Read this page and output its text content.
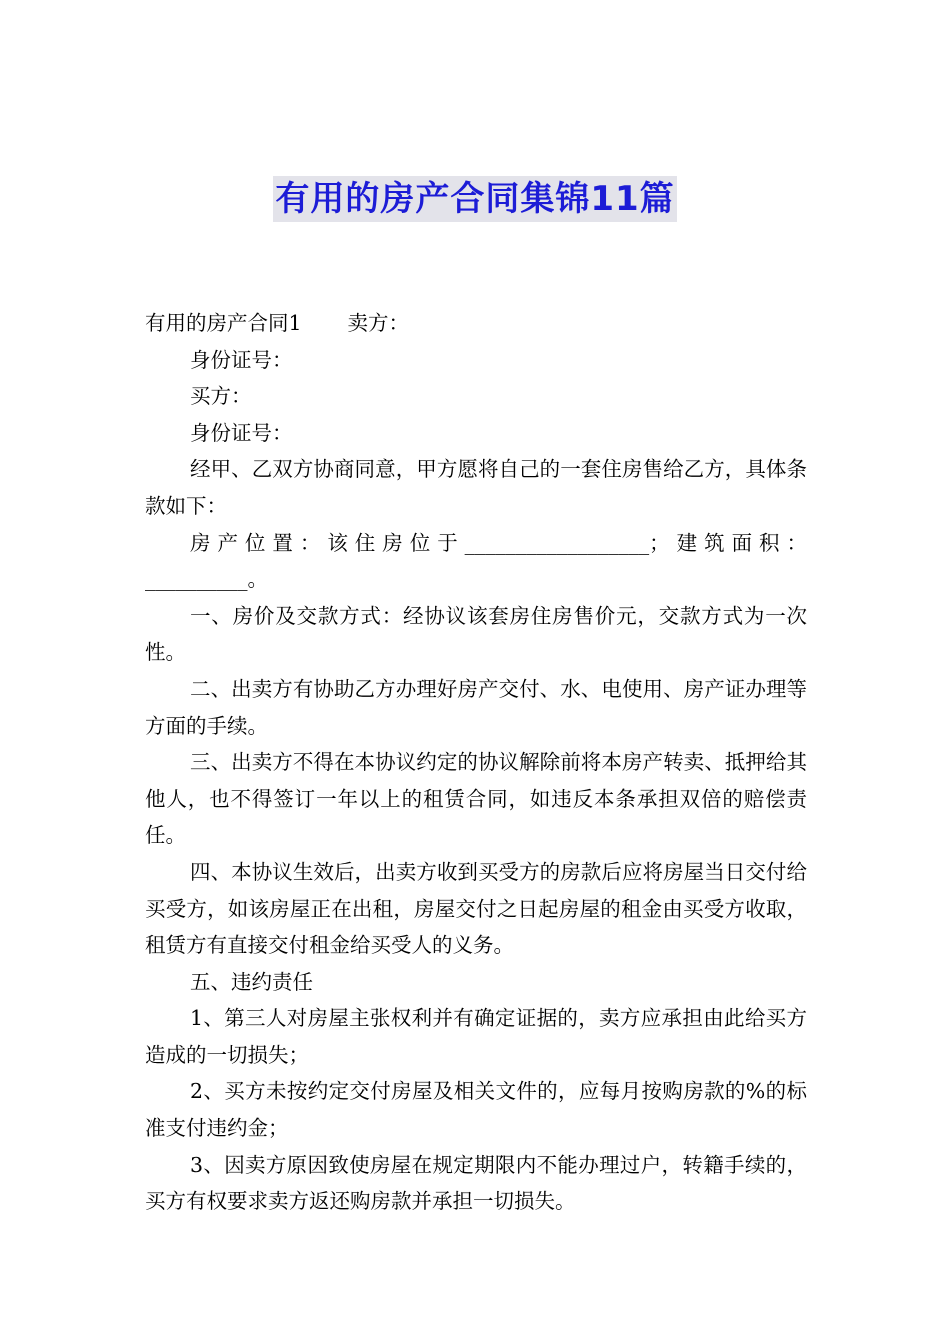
有用的房产合同集锦11篇

有用的房产合同1 卖方：

身份证号：

买方：

身份证号：

经甲、乙双方协商同意，甲方愿将自己的一套住房售给乙方，具体条款如下：

房产位置：该住房位于__________________；建筑面积：__________。

一、房价及交款方式：经协议该套房住房售价元，交款方式为一次性。

二、出卖方有协助乙方办理好房产交付、水、电使用、房产证办理等方面的手续。

三、出卖方不得在本协议约定的协议解除前将本房产转卖、抵押给其他人，也不得签订一年以上的租赁合同，如违反本条承担双倍的赔偿责任。

四、本协议生效后，出卖方收到买受方的房款后应将房屋当日交付给买受方，如该房屋正在出租，房屋交付之日起房屋的租金由买受方收取，租赁方有直接交付租金给买受人的义务。

五、违约责任

1、第三人对房屋主张权利并有确定证据的，卖方应承担由此给买方造成的一切损失；

2、买方未按约定交付房屋及相关文件的，应每月按购房款的%的标准支付违约金；

3、因卖方原因致使房屋在规定期限内不能办理过户，转籍手续的，买方有权要求卖方返还购房款并承担一切损失。
